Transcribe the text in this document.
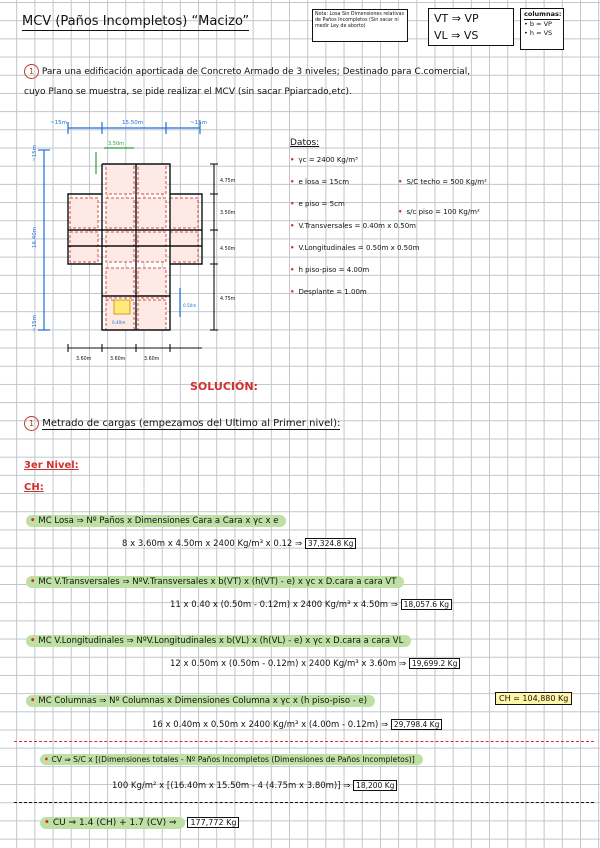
MCV (Paños Incompletos) “Macizo”	Nota: Losa Sin Dimensiones relativas de Paños Incompletos (Sin sacar ni medir Ley de aborto)
VT ⇒ VP
VL ⇒ VS
columnas:
• b = VP
• h = VS
1 Para una edificación aporticada de Concreto Armado de 3 niveles; Destinado para C.comercial,
cuyo Plano se muestra, se pide realizar el MCV (sin sacar Ppiarcado,etc).
~15m	15.50m	~15m
~15m
16.40m
~15m
3.50m
4.75m
3.50m
4.50m
4.75m
3.60m	3.60m	3.60m
0.40m
0.50m
Datos:
• γc = 2400 Kg/m³
• e losa = 15cm
• e piso = 5cm
• V.Transversales = 0.40m x 0.50m
• V.Longitudinales = 0.50m x 0.50m
• h piso-piso = 4.00m
• Desplante = 1.00m
• S/C techo = 500 Kg/m²
• s/c piso = 100 Kg/m²
SOLUCIÓN:
1 Metrado de cargas (empezamos del Ultimo al Primer nivel):
3er Nivel:
CH:
• MC Losa ⇒ Nº Paños x Dimensiones Cara a Cara x γc x e
8 x 3.60m x 4.50m x 2400 Kg/m³ x 0.12 ⇒ 37,324.8 Kg
• MC V.Transversales ⇒ NºV.Transversales x b(VT) x (h(VT) - e) x γc x D.cara a cara VT
11 x 0.40 x (0.50m - 0.12m) x 2400 Kg/m³ x 4.50m ⇒ 18,057.6 Kg
• MC V.Longitudinales ⇒ NºV.Longitudinales x b(VL) x (h(VL) - e) x γc x D.cara a cara VL
12 x 0.50m x (0.50m - 0.12m) x 2400 Kg/m³ x 3.60m ⇒ 19,699.2 Kg
• MC Columnas ⇒ Nº Columnas x Dimensiones Columna x γc x (h piso-piso - e)	CH = 104,880 Kg
16 x 0.40m x 0.50m x 2400 Kg/m³ x (4.00m - 0.12m) ⇒ 29,798.4 Kg
• CV ⇒ S/C x [(Dimensiones totales - Nº Paños Incompletos (Dimensiones de Paños Incompletos)]
100 Kg/m² x [(16.40m x 15.50m - 4 (4.75m x 3.80m)] ⇒ 18,200 Kg
• CU ⇒ 1.4 (CH) + 1.7 (CV) ⇒ 177,772 Kg
